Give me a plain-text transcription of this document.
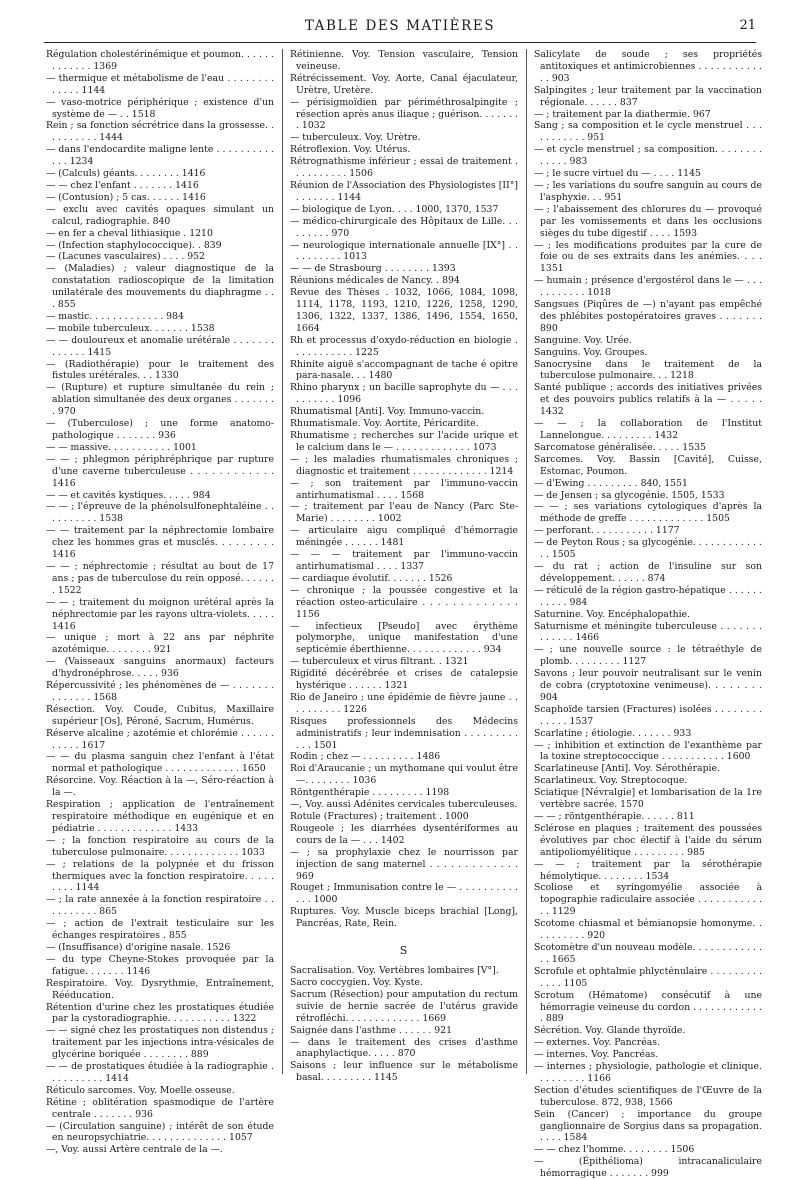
TABLE DES MATIÈRES	21

Régulation cholestérinémique et poumon. . . . . . . . . . . . . 1369

— thermique et métabolisme de l'eau . . . . . . . . . . . . . 1144

— vaso-motrice périphérique ; existence d'un système de — . . 1518

Rein ; sa fonction sécrétrice dans la grossesse. . . . . . . . . . 1444

— dans l'endocardite maligne lente . . . . . . . . . . . . . 1234

— (Calculs) géants. . . . . . . . 1416

— — chez l'enfant . . . . . . . 1416

— (Contusion) ; 5 cas. . . . . . 1416

— exclu avec cavités opaques simulant un calcul, radiographie. 840

— en fer a cheval lithiasique . 1210

— (Infection staphylococcique). . 839

— (Lacunes vasculaires) . . . . 952

— (Maladies) ; valeur diagnostique de la constatation radioscopique de la limitation unilatérale des mouvements du diaphragme . . . 855

— mastic. . . . . . . . . . . . . 984

— mobile tuberculeux. . . . . . . 1538

— — douloureux et anomalie urétérale . . . . . . . . . . . . . 1415

— (Radiothérapie) pour le traitement des fistules urétérales. . . 1330

— (Rupture) et rupture simultanée du rein ; ablation simultanée des deux organes . . . . . . . . 970

— (Tuberculose) ; une forme anatomo-pathologique . . . . . . . 936

— — massive. . . . . . . . . . . 1001

— — ; phlegmon périphréphrique par rupture d'une caverne tuberculeuse . . . . . . . . . . . . 1416

— — et cavités kystiques. . . . . 984

— — ; l'épreuve de la phénolsulfonephtaléine . . . . . . . . . . 1538

— — traitement par la néphrectomie lombaire chez les hommes gras et musclés. . . . . . . . . 1416

— — ; néphrectomie ; résultat au bout de 17 ans ; pas de tuberculose du rein opposé. . . . . . . 1522

— — ; traitement du moignon urétéral après la néphrectomie par les rayons ultra-violets. . . . . 1416

— unique ; mort à 22 ans par néphrite azotémique. . . . . . . . 921

— (Vaisseaux sanguins anormaux) facteurs d'hydronéphrose. . . . . 936

Répercussivité ; les phénomènes de — . . . . . . . . . . . . . . 1568

Résection. Voy. Coude, Cubitus, Maxillaire supérieur [Os], Péroné, Sacrum, Humérus.

Réserve alcaline ; azotémie et chlorémie . . . . . . . . . . . 1617

— — du plasma sanguin chez l'enfant à l'état normal et pathologique . . . . . . . . . . . . . 1650

Résorcine. Voy. Réaction à la —, Séro-réaction à la —.

Respiration ; application de l'entraînement respiratoire méthodique en eugénique et en pédiatrie . . . . . . . . . . . . . 1433

— ; la fonction respiratoire au cours de la tuberculose pulmonaire. . . . . . . . . . . . . 1033

— ; relations de la polypnée et du frisson thermiques avec la fonction respiratoire. . . . . . . . . 1144

— ; la rate annexée à la fonction respiratoire . . . . . . . . . . 865

— ; action de l'extrait testiculaire sur les échanges respiratoires . 855

— (Insuffisance) d'origine nasale. 1526

— du type Cheyne-Stokes provoquée par la fatigue. . . . . . . 1146

Respiratoire. Voy. Dysrythmie, Entraînement, Rééducation.

Rétention d'urine chez les prostatiques étudiée par la cystoradiographie. . . . . . . . . . . 1322

— — signé chez les prostatiques non distendus ; traitement par les injections intra-vésicales de glycérine boriquée . . . . . . . . 889

— — de prostatiques étudiée à la radiographie . . . . . . . . . . 1414

Réticulo sarcomes. Voy. Moelle osseuse.

Rétine ; oblitération spasmodique de l'artère centrale . . . . . . . 936

— (Circulation sanguine) ; intérêt de son étude en neuropsychiatrie. . . . . . . . . . . . . . 1057

—, Voy. aussi Artère centrale de la —.

Rétinienne. Voy. Tension vasculaire, Tension veineuse.

Rétrécissement. Voy. Aorte, Canal éjaculateur, Urètre, Uretère.

— périsigmoïdien par périméthrosalpingite ; résection après anus iliaque ; guérison. . . . . . . . 1032

— tuberculeux. Voy. Urètre.

Rétroflexion. Voy. Utérus.

Rétrognathisme inférieur ; essai de traitement . . . . . . . . . . 1506

Réunion de l'Association des Physiologistes [II°] . . . . . . . 1144

— biologique de Lyon. . . . 1000, 1370, 1537

— médico-chirurgicale des Hôpitaux de Lille. . . . . . . . . 970

— neurologique internationale annuelle [IX°] . . . . . . . . . . 1013

— — de Strasbourg . . . . . . . . 1393

Réunions médicales de Nancy. . 894

Revue des Thèses . 1032, 1066, 1084, 1098, 1114, 1178, 1193, 1210, 1226, 1258, 1290, 1306, 1322, 1337, 1386, 1496, 1554, 1650, 1664

Rh et processus d'oxydo-réduction en biologie . . . . . . . . . . . 1225

Rhinite aiguë s'accompagnant de tache é opitre para-nasale. . . 1480

Rhino pharynx ; un bacille saprophyte du — . . . . . . . . . . 1096

Rhumatismal [Anti]. Voy. Immuno-vaccin.

Rhumatismale. Voy. Aortite, Péricardite.

Rhumatisme ; recherches sur l'acide urique et le calcium dans le — . . . . . . . . . . . . . 1073

— ; les maladies rhumatismales chroniques ; diagnostic et traitement . . . . . . . . . . . . . 1214

— ; son traitement par l'immuno-vaccin antirhumatismal . . . . 1568

— ; traitement par l'eau de Nancy (Parc Ste-Marie) . . . . . . . . 1002

— articulaire aigu compliqué d'hémorragie méningée . . . . . . 1481

— — — traitement par l'immuno-vaccin antirhumatismal . . . . 1337

— cardiaque évolutif. . . . . . . 1526

— chronique ; la poussée congestive et la réaction osteo-articulaire . . . . . . . . . . . . . 1156

— infectieux [Pseudo] avec érythème polymorphe, unique manifestation d'une septicémie éberthienne. . . . . . . . . . . . . 934

— tuberculeux et virus filtrant. . 1321

Rigidité décérébrée et crises de catalepsie hystérique . . . . . . 1321

Rio de Janeiro ; une épidémie de fièvre jaune . . . . . . . . . . 1226

Risques professionnels des Médecins administratifs ; leur indemnisation . . . . . . . . . . . . 1501

Rodin ; chez — . . . . . . . . . 1486

Roi d'Araucanie ; un mythomane qui voulut être —. . . . . . . . 1036

Röntgenthérapie . . . . . . . . . 1198

—, Voy. aussi Adénites cervicales tuberculeuses.

Rotule (Fractures) ; traitement . 1000

Rougeole ; les diarrhées dysentériformes au cours de la — . . . 1402

— ; sa prophylaxie chez le nourrisson par injection de sang maternel . . . . . . . . . . . . . 969

Rouget ; Immunisation contre le — . . . . . . . . . . . . . 1000

Ruptures. Voy. Muscle biceps brachial [Long], Pancréas, Rate, Rein.

S

Sacralisation. Voy. Vertèbres lombaires [V°].

Sacro coccygien. Voy. Kyste.

Sacrum (Résection) pour amputation du rectum suivie de hernie sacrée de l'utérus gravide rétrofléchi. . . . . . . . . . . . . 1669

Saignée dans l'asthme . . . . . . 921

— dans le traitement des crises d'asthme anaphylactique. . . . . 870

Saisons ; leur influence sur le métabolisme basal. . . . . . . . . 1145

Salicylate de soude ; ses propriétés antitoxiques et antimicrobiennes . . . . . . . . . . . . . 903

Salpingites ; leur traitement par la vaccination régionale. . . . . . 837

— ; traitement par la diathermie. 967

Sang ; sa composition et le cycle menstruel . . . . . . . . . . . 951

— et cycle menstruel ; sa composition. . . . . . . . . . . . . 983

— ; le sucre virtuel du — . . . . 1145

— ; les variations du soufre sanguin au cours de l'asphyxie. . . 951

— ; l'abaissement des chlorures du — provoqué par les vomissements et dans les occlusions sièges du tube digestif . . . . 1593

— ; les modifications produites par la cure de foie ou de ses extraits dans les anémies. . . . 1351

— humain ; présence d'ergostérol dans le — . . . . . . . . . . . 1018

Sangsues (Piqûres de —) n'ayant pas empêché des phlébites postopératoires graves . . . . . . . 890

Sanguine. Voy. Urée.

Sanguins. Voy. Groupes.

Sanocrysine dans le traitement de la tuberculose pulmonaire. . . 1218

Santé publique ; accords des initiatives privées et des pouvoirs publics relatifs à la — . . . . . 1432

— — ; la collaboration de l'Institut Lannelongue. . . . . . . . . 1432

Sarcomatose généralisée. . . . . 1535

Sarcomes. Voy. Bassin [Cavité], Cuisse, Estomac, Poumon.

— d'Ewing . . . . . . . . . 840, 1551

— de Jensen ; sa glycogénie. 1505, 1533

— — ; ses variations cytologiques d'après la méthode de greffe . . . . . . . . . . . . . 1505

— perforant. . . . . . . . . . . 1177

— de Peyton Rous ; sa glycogénie. . . . . . . . . . . . . . 1505

— du rat ; action de l'insuline sur son développement. . . . . . 874

— réticulé de la région gastro-hépatique . . . . . . . . . . . 984

Saturnine. Voy. Encéphalopathie.

Saturnisme et méningite tuberculeuse . . . . . . . . . . . . . 1466

— ; une nouvelle source : le tétraéthyle de plomb. . . . . . . . . 1127

Savons ; leur pouvoir neutralisant sur le venin de cobra (cryptotoxine venimeuse). . . . . . . . 904

Scaphoïde tarsien (Fractures) isolées . . . . . . . . . . . . . 1537

Scarlatine ; étiologie. . . . . . . 933

— ; inhibition et extinction de l'exanthème par la toxine streptococcique . . . . . . . . . . . 1600

Scarlatineuse [Anti]. Voy. Sérothérapie.

Scarlatineux. Voy. Streptocoque.

Sciatique [Névralgie] et lombarisation de la 1re vertèbre sacrée. 1570

— — ; röntgenthérapie. . . . . . 811

Sclérose en plaques ; traitement des poussées évolutives par choc électif à l'aide du sérum antipoliomyélitique . . . . . . . . . 985

— — ; traitement par la sérothérapie hémolytique. . . . . . . . 1534

Scoliose et syringomyélie associée à topographie radiculaire associée . . . . . . . . . . . . . 1129

Scotome chiasmal et bémianopsie homonyme. . . . . . . . . . 920

Scotomètre d'un nouveau modèle. . . . . . . . . . . . . . 1665

Scrofule et ophtalmie phlycténulaire . . . . . . . . . . . . . 1105

Scrotum (Hématome) consécutif à une hémorragie veineuse du cordon . . . . . . . . . . . . . 889

Sécrétion. Voy. Glande thyroïde.

— externes. Voy. Pancréas.

— internes. Voy. Pancréas.

— internes ; physiologie, pathologie et clinique. . . . . . . . . 1166

Section d'études scientifiques de l'Œuvre de la tuberculose. 872, 938, 1566

Sein (Cancer) ; importance du groupe ganglionnaire de Sorgius dans sa propagation. . . . . 1584

— — chez l'homme. . . . . . . . 1506

— (Épithélioma) intracanaliculaire hémorragique . . . . . . . 999
